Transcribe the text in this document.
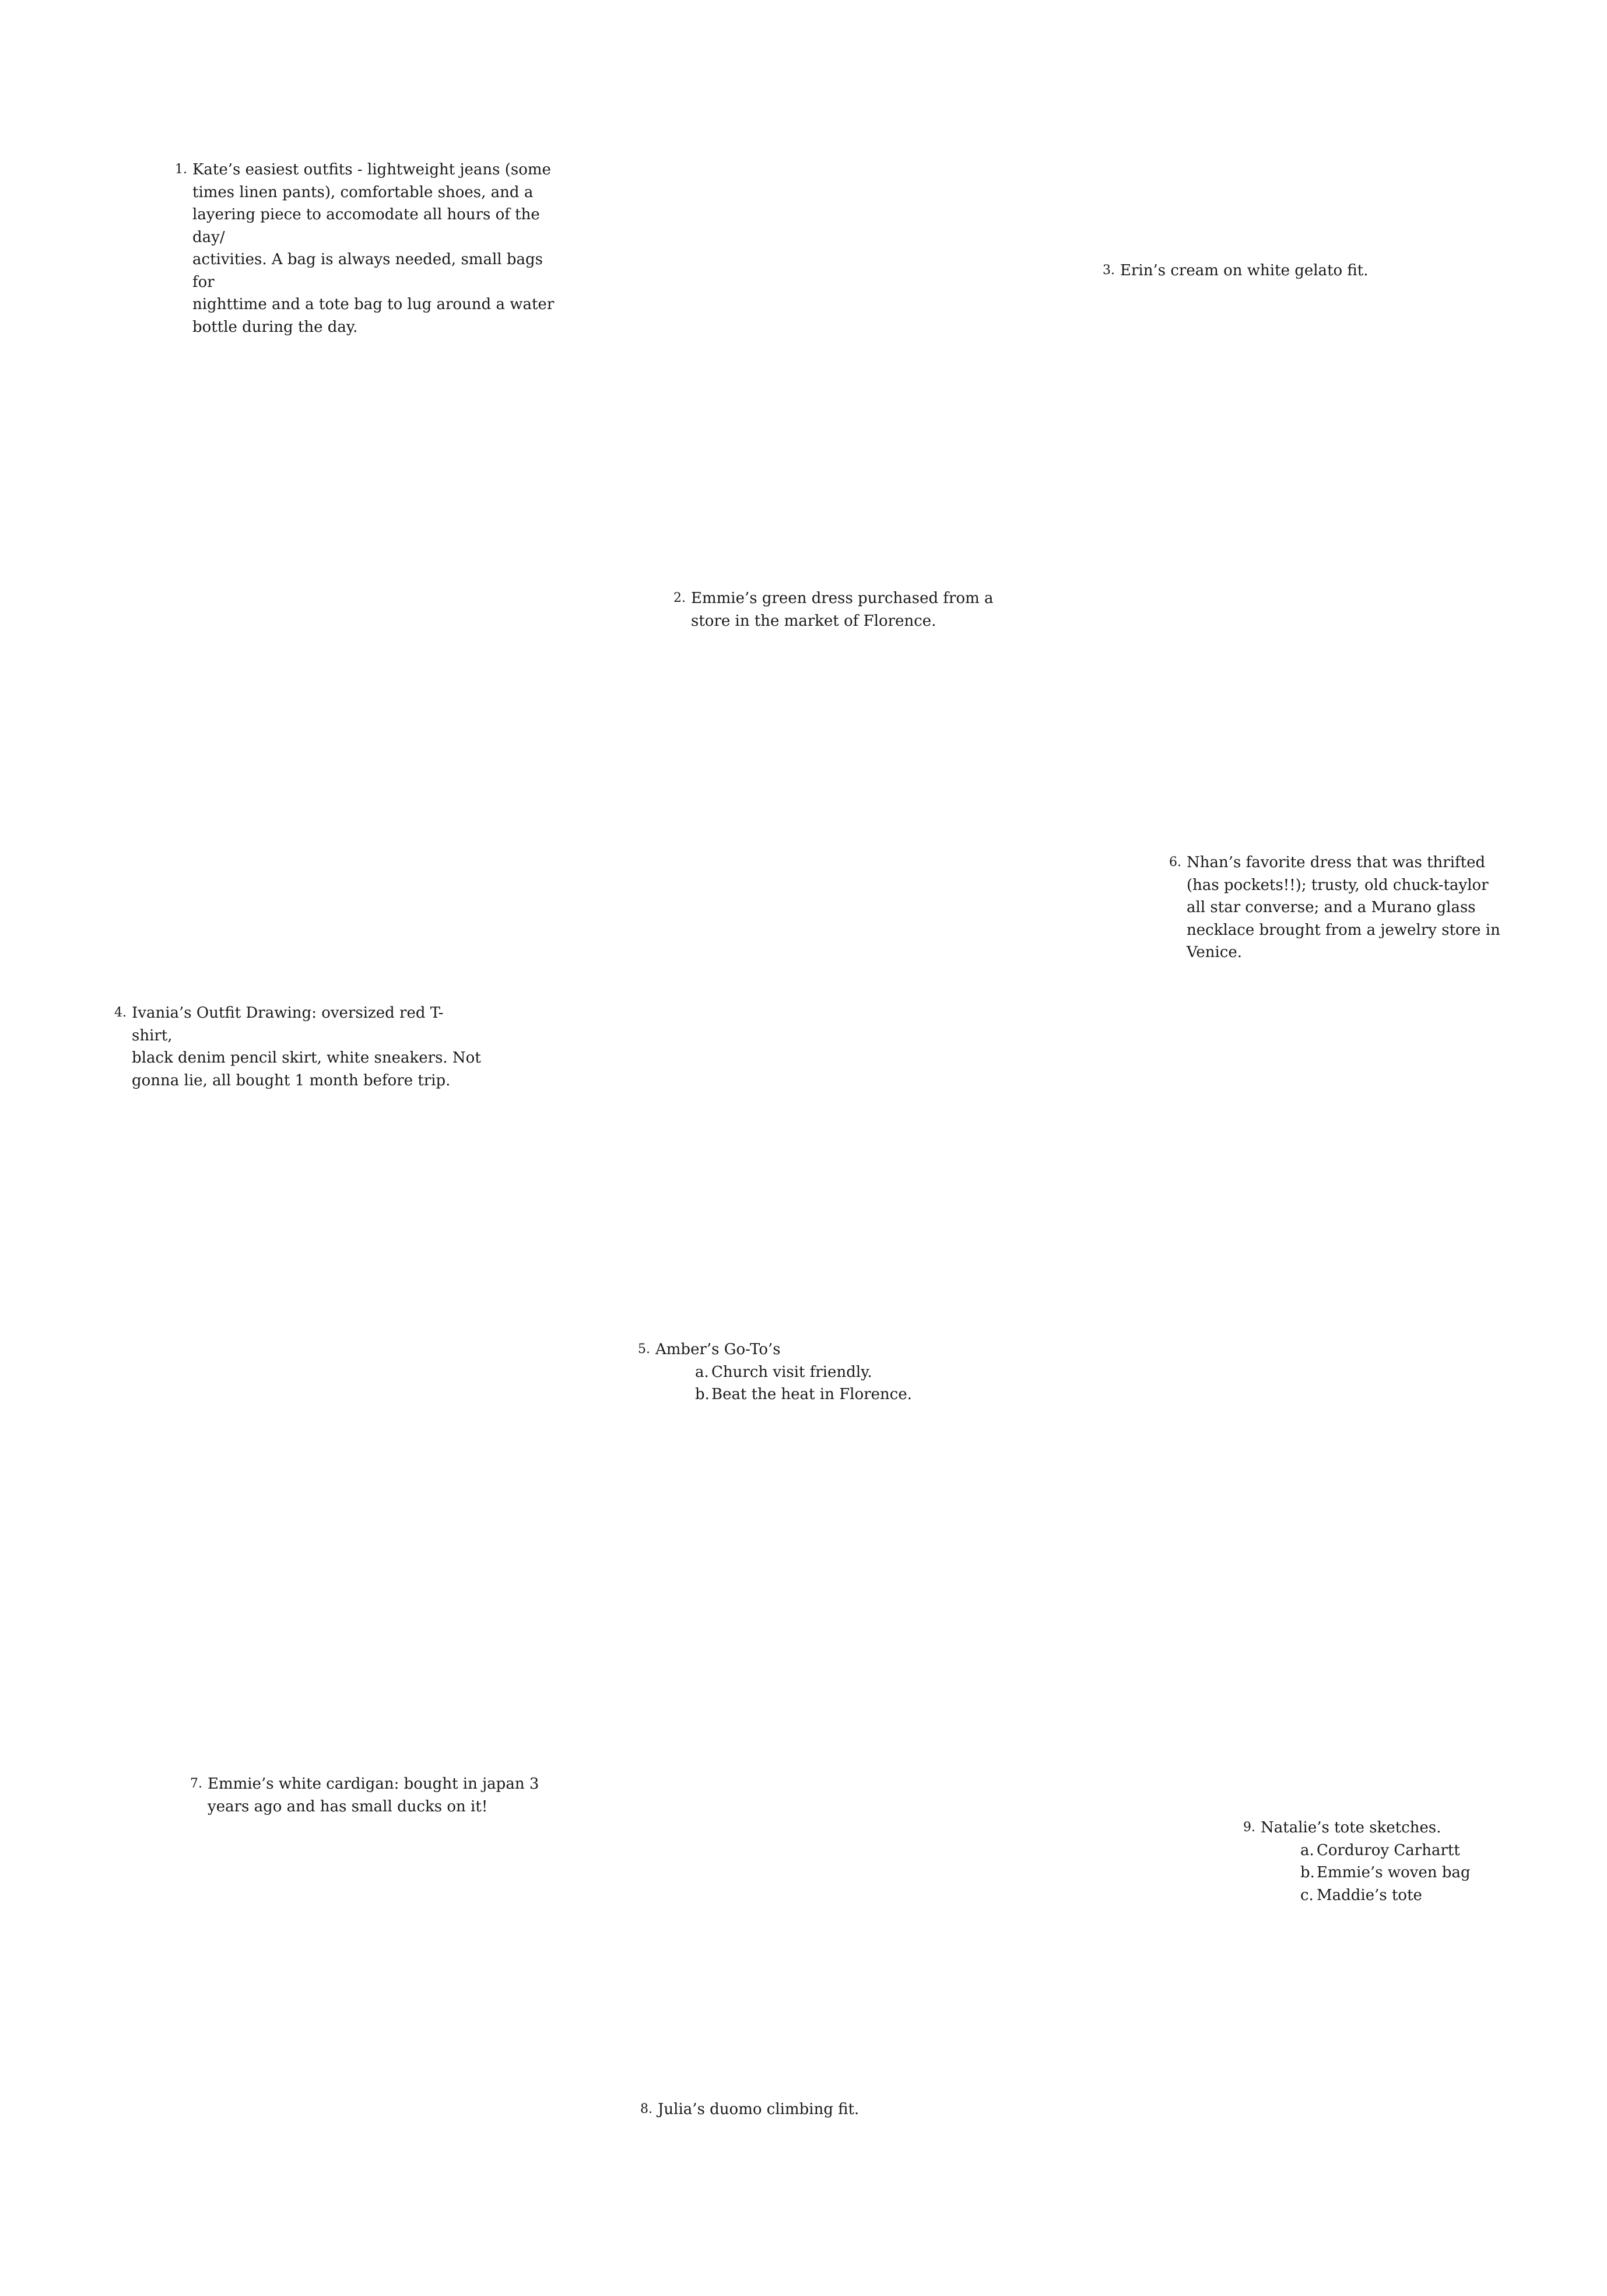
1. Kate’s easiest outfits - lightweight jeans (some
times linen pants), comfortable shoes, and a
layering piece to accomodate all hours of the day/
activities. A bag is always needed, small bags for
nighttime and a tote bag to lug around a water
bottle during the day.
3. Erin’s cream on white gelato fit.
2. Emmie’s green dress purchased from a
store in the market of Florence.
6. Nhan’s favorite dress that was thrifted
(has pockets!!); trusty, old chuck-taylor
all star converse; and a Murano glass
necklace brought from a jewelry store in
Venice.
4. Ivania’s Outfit Drawing: oversized red T-shirt,
black denim pencil skirt, white sneakers. Not
gonna lie, all bought 1 month before trip.
5. Amber’s Go-To’s
a. Church visit friendly.
b. Beat the heat in Florence.
7. Emmie’s white cardigan: bought in japan 3
years ago and has small ducks on it!
9. Natalie’s tote sketches.
a. Corduroy Carhartt
b. Emmie’s woven bag
c. Maddie’s tote
8. Julia’s duomo climbing fit.
